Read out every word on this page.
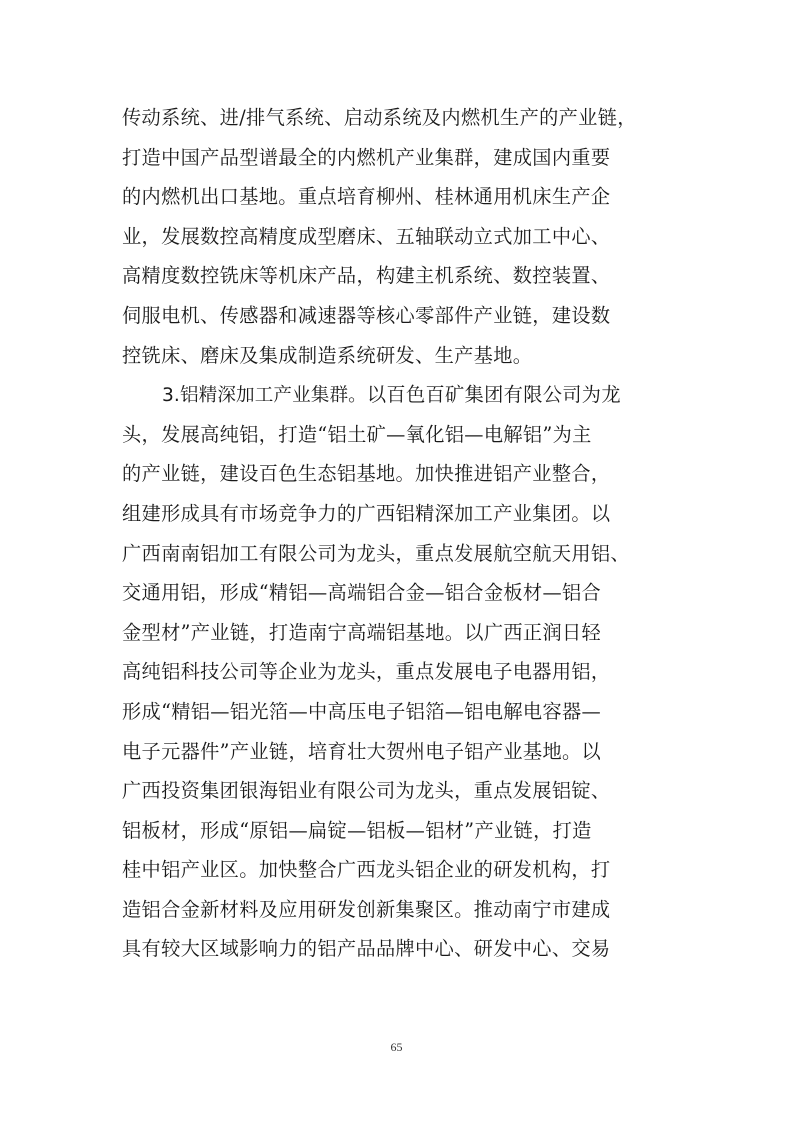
传动系统、进/排气系统、启动系统及内燃机生产的产业链，
打造中国产品型谱最全的内燃机产业集群，建成国内重要
的内燃机出口基地。重点培育柳州、桂林通用机床生产企
业，发展数控高精度成型磨床、五轴联动立式加工中心、
高精度数控铣床等机床产品，构建主机系统、数控装置、
伺服电机、传感器和减速器等核心零部件产业链，建设数
控铣床、磨床及集成制造系统研发、生产基地。
3.铝精深加工产业集群。以百色百矿集团有限公司为龙
头，发展高纯铝，打造“铝土矿—氧化铝—电解铝”为主
的产业链，建设百色生态铝基地。加快推进铝产业整合，
组建形成具有市场竞争力的广西铝精深加工产业集团。以
广西南南铝加工有限公司为龙头，重点发展航空航天用铝、
交通用铝，形成“精铝—高端铝合金—铝合金板材—铝合
金型材”产业链，打造南宁高端铝基地。以广西正润日轻
高纯铝科技公司等企业为龙头，重点发展电子电器用铝，
形成“精铝—铝光箔—中高压电子铝箔—铝电解电容器—
电子元器件”产业链，培育壮大贺州电子铝产业基地。以
广西投资集团银海铝业有限公司为龙头，重点发展铝锭、
铝板材，形成“原铝—扁锭—铝板—铝材”产业链，打造
桂中铝产业区。加快整合广西龙头铝企业的研发机构，打
造铝合金新材料及应用研发创新集聚区。推动南宁市建成
具有较大区域影响力的铝产品品牌中心、研发中心、交易
65
